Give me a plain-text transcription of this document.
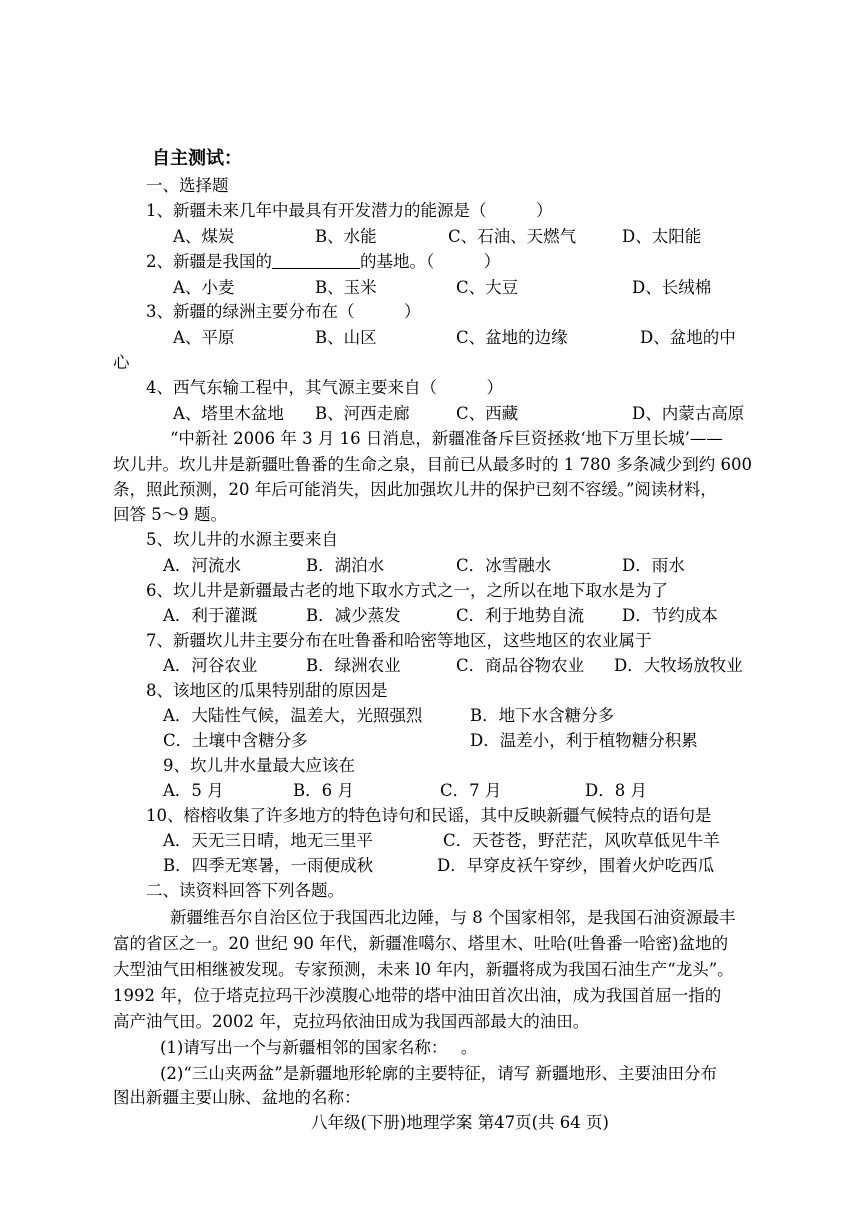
自主测试：
一、选择题
1、新疆未来几年中最具有开发潜力的能源是（　　　）
A、煤炭	B、水能	C、石油、天燃气	D、太阳能
2、新疆是我国的	的基地。（　　　）
A、小麦	B、玉米	C、大豆	D、长绒棉
3、新疆的绿洲主要分布在（　　　）
A、平原	B、山区	C、盆地的边缘	D、盆地的中
心
4、西气东输工程中，其气源主要来自（　　　）
A、塔里木盆地 B、河西走廊	C、西藏	D、内蒙古高原
“中新社 2006 年 3 月 16 日消息，新疆准备斥巨资拯救‘地下万里长城’——
坎儿井。坎儿井是新疆吐鲁番的生命之泉，目前已从最多时的 1 780 多条减少到约 600
条，照此预测，20 年后可能消失，因此加强坎儿井的保护已刻不容缓。”阅读材料，
回答 5～9 题。
5、坎儿井的水源主要来自
A．河流水	B．湖泊水	C．冰雪融水	D．雨水
6、坎儿井是新疆最古老的地下取水方式之一，之所以在地下取水是为了
A．利于灌溉	B．减少蒸发	C．利于地势自流 D．节约成本
7、新疆坎儿井主要分布在吐鲁番和哈密等地区，这些地区的农业属于
A．河谷农业	B．绿洲农业	C．商品谷物农业 D．大牧场放牧业
8、该地区的瓜果特别甜的原因是
A．大陆性气候，温差大，光照强烈	B．地下水含糖分多
C．土壤中含糖分多	D．温差小，利于植物糖分积累
9、坎儿井水量最大应该在
A．5 月	B．6 月	C．7 月	D．8 月
10、榕榕收集了许多地方的特色诗句和民谣，其中反映新疆气候特点的语句是
A．天无三日晴，地无三里平	C．天苍苍，野茫茫，风吹草低见牛羊
B．四季无寒暑，一雨便成秋	D．早穿皮袄午穿纱，围着火炉吃西瓜
二、读资料回答下列各题。
新疆维吾尔自治区位于我国西北边陲，与 8 个国家相邻，是我国石油资源最丰
富的省区之一。20 世纪 90 年代，新疆准噶尔、塔里木、吐哈(吐鲁番一哈密)盆地的
大型油气田相继被发现。专家预测，未来 l0 年内，新疆将成为我国石油生产“龙头”。
1992 年，位于塔克拉玛干沙漠腹心地带的塔中油田首次出油，成为我国首屈一指的
高产油气田。2002 年，克拉玛依油田成为我国西部最大的油田。
(1)请写出一个与新疆相邻的国家名称：　 。
(2)“三山夹两盆”是新疆地形轮廓的主要特征，请写 新疆地形、主要油田分布
图出新疆主要山脉、盆地的名称：
八年级(下册)地理学案 第47页(共 64 页)
